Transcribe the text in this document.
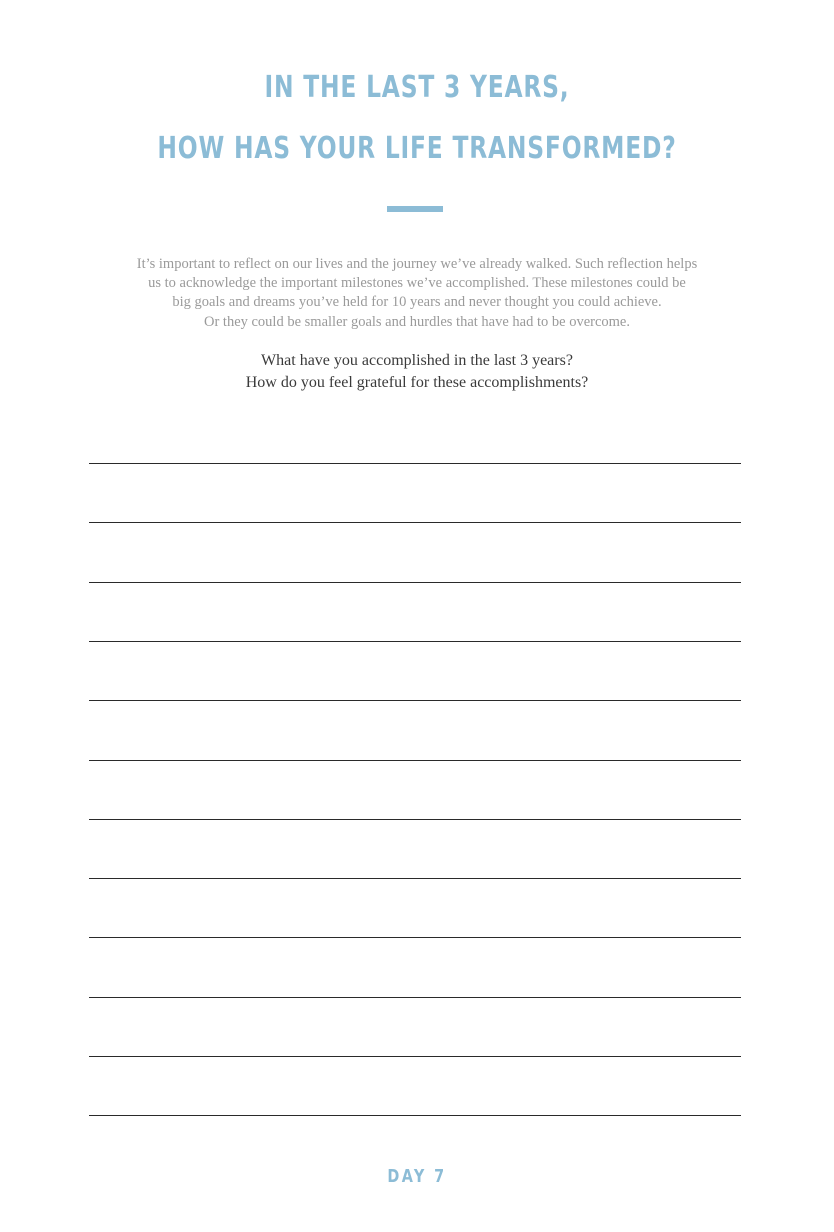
IN THE LAST 3 YEARS,
HOW HAS YOUR LIFE TRANSFORMED?

It’s important to reflect on our lives and the journey we’ve already walked. Such reflection helps
us to acknowledge the important milestones we’ve accomplished. These milestones could be
big goals and dreams you’ve held for 10 years and never thought you could achieve.
Or they could be smaller goals and hurdles that have had to be overcome.

What have you accomplished in the last 3 years?
How do you feel grateful for these accomplishments?

DAY 7
